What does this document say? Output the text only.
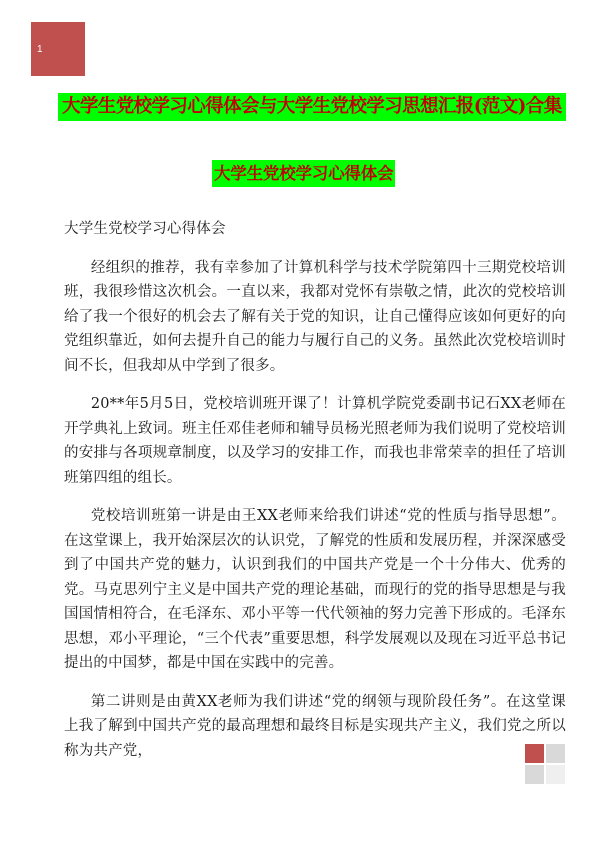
1
大学生党校学习心得体会与大学生党校学习思想汇报(范文)合集
大学生党校学习心得体会

大学生党校学习心得体会

经组织的推荐，我有幸参加了计算机科学与技术学院第四十三期党校培训班，我很珍惜这次机会。一直以来，我都对党怀有崇敬之情，此次的党校培训给了我一个很好的机会去了解有关于党的知识，让自己懂得应该如何更好的向党组织靠近，如何去提升自己的能力与履行自己的义务。虽然此次党校培训时间不长，但我却从中学到了很多。

20**年5月5日，党校培训班开课了！计算机学院党委副书记石XX老师在开学典礼上致词。班主任邓佳老师和辅导员杨光照老师为我们说明了党校培训的安排与各项规章制度，以及学习的安排工作，而我也非常荣幸的担任了培训班第四组的组长。

党校培训班第一讲是由王XX老师来给我们讲述“党的性质与指导思想”。在这堂课上，我开始深层次的认识党，了解党的性质和发展历程，并深深感受到了中国共产党的魅力，认识到我们的中国共产党是一个十分伟大、优秀的党。马克思列宁主义是中国共产党的理论基础，而现行的党的指导思想是与我国国情相符合，在毛泽东、邓小平等一代代领袖的努力完善下形成的。毛泽东思想，邓小平理论，“三个代表”重要思想，科学发展观以及现在习近平总书记提出的中国梦，都是中国在实践中的完善。

第二讲则是由黄XX老师为我们讲述“党的纲领与现阶段任务”。在这堂课上我了解到中国共产党的最高理想和最终目标是实现共产主义，我们党之所以称为共产党，
